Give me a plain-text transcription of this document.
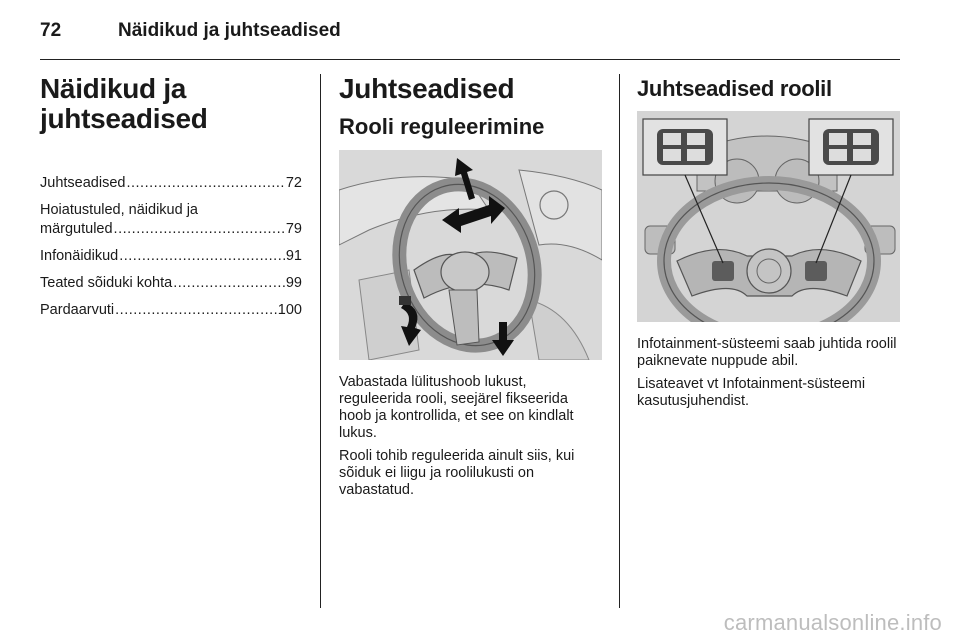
72	Näidikud ja juhtseadised
Näidikud ja juhtseadised
Juhtseadised .....	72
Hoiatustuled, näidikud ja
märgutuled .....	79
Infonäidikud .....	91
Teated sõiduki kohta .....	99
Pardaarvuti .....	100
Juhtseadised
Rooli reguleerimine

Vabastada lülitushoob lukust, reguleerida rooli, seejärel fikseerida hoob ja kontrollida, et see on kindlalt lukus.

Rooli tohib reguleerida ainult siis, kui sõiduk ei liigu ja roolilukusti on vabastatud.

Juhtseadised roolil

Infotainment-süsteemi saab juhtida roolil paiknevate nuppude abil.

Lisateavet vt Infotainment-süsteemi kasutusjuhendist.

carmanualsonline.info
